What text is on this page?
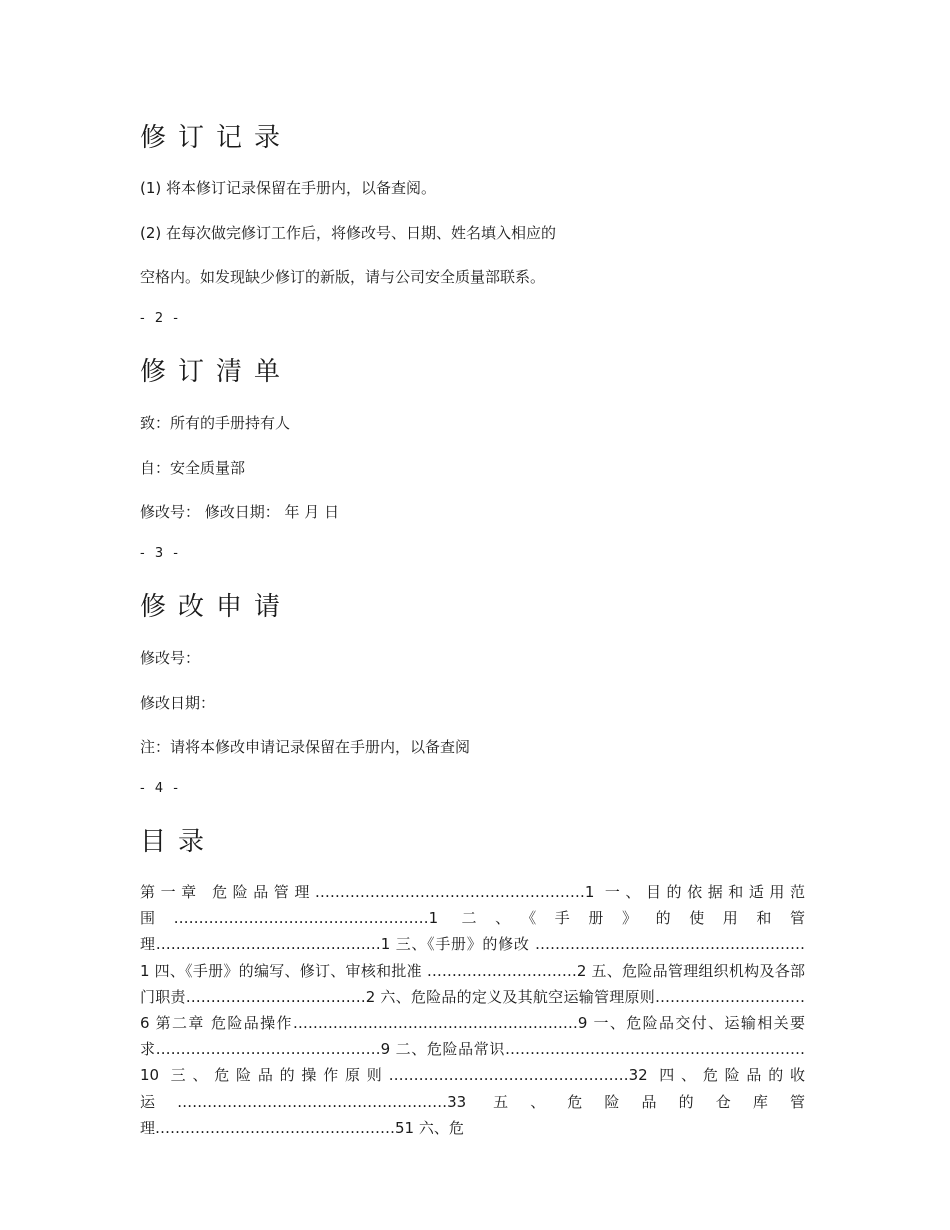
修订记录

(1) 将本修订记录保留在手册内，以备查阅。

(2) 在每次做完修订工作后，将修改号、日期、姓名填入相应的

空格内。如发现缺少修订的新版，请与公司安全质量部联系。

- 2 -
修订清单

致：所有的手册持有人

自：安全质量部

修改号： 修改日期： 年 月 日

- 3 -
修改申请

修改号：

修改日期：

注：请将本修改申请记录保留在手册内，以备查阅

- 4 -
目录

第一章 危险品管理………………………………………………1 一、目的依据和适用范围……………………………………………1 二、《手册》的使用和管理………………………………………1 三、《手册》的修改 ………………………………………………1 四、《手册》的编写、修订、审核和批准 …………………………2 五、危险品管理组织机构及各部门职责………………………………2 六、危险品的定义及其航空运输管理原则…………………………6 第二章 危险品操作…………………………………………………9 一、危险品交付、运输相关要求………………………………………9 二、危险品常识……………………………………………………10 三、危险品的操作原则…………………………………………32 四、危险品的收运………………………………………………33 五、危险品的仓库管理…………………………………………51 六、危
